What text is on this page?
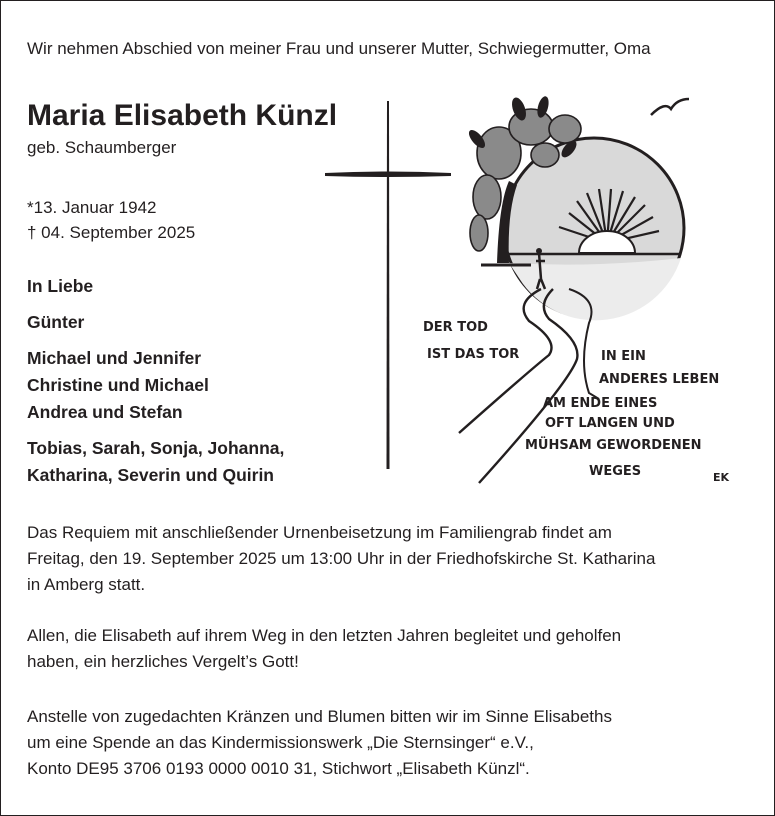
Wir nehmen Abschied von meiner Frau und unserer Mutter, Schwiegermutter, Oma
Maria Elisabeth Künzl
geb. Schaumberger
*13. Januar 1942
† 04. September 2025
In Liebe
Günter
Michael und Jennifer
Christine und Michael
Andrea und Stefan
Tobias, Sarah, Sonja, Johanna,
Katharina, Severin und Quirin
DER TOD
IST DAS TOR	IN EIN
ANDERES LEBEN
AM ENDE EINES
OFT LANGEN UND
MÜHSAM GEWORDENEN
WEGES	EK
Das Requiem mit anschließender Urnenbeisetzung im Familiengrab findet am
Freitag, den 19. September 2025 um 13:00 Uhr in der Friedhofskirche St. Katharina
in Amberg statt.
Allen, die Elisabeth auf ihrem Weg in den letzten Jahren begleitet und geholfen
haben, ein herzliches Vergelt’s Gott!
Anstelle von zugedachten Kränzen und Blumen bitten wir im Sinne Elisabeths
um eine Spende an das Kindermissionswerk „Die Sternsinger“ e.V.,
Konto DE95 3706 0193 0000 0010 31, Stichwort „Elisabeth Künzl“.
